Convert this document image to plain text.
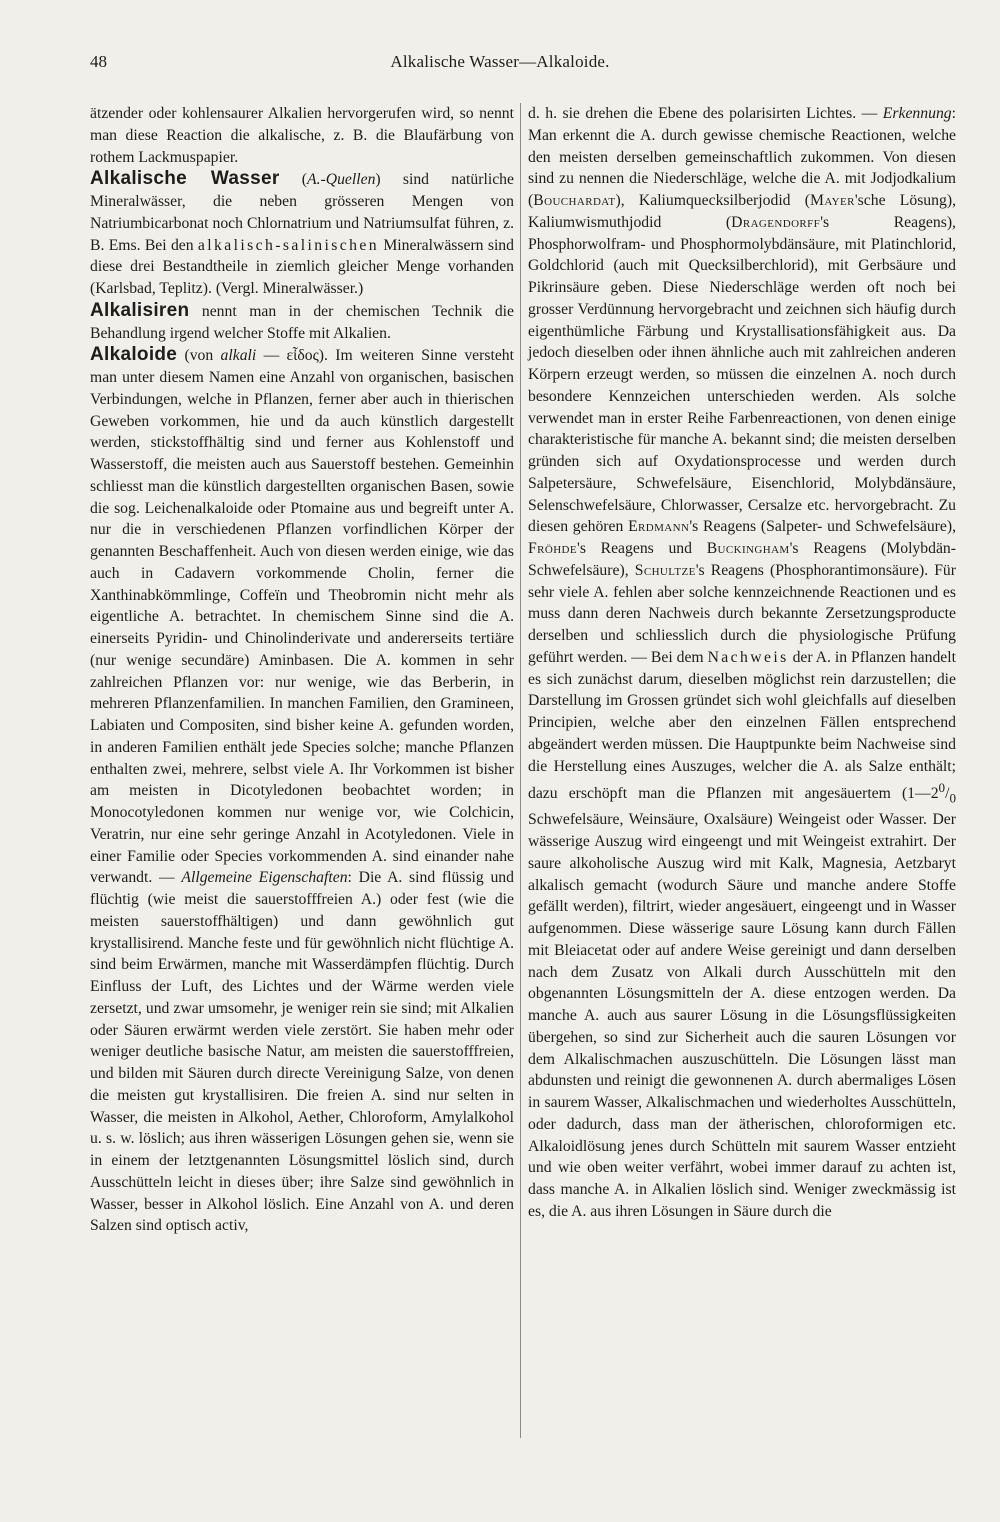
48	Alkalische Wasser—Alkaloide.

ätzender oder kohlensaurer Alkalien hervorgerufen wird, so nennt man diese Reaction die alkalische, z. B. die Blaufärbung von rothem Lackmuspapier.

Alkalische Wasser (A.-Quellen) sind natürliche Mineralwässer, die neben grösseren Mengen von Natriumbicarbonat noch Chlornatrium und Natriumsulfat führen, z. B. Ems. Bei den alkalisch-salinischen Mineralwässern sind diese drei Bestandtheile in ziemlich gleicher Menge vorhanden (Karlsbad, Teplitz). (Vergl. Mineralwässer.)

Alkalisiren nennt man in der chemischen Technik die Behandlung irgend welcher Stoffe mit Alkalien.

Alkaloide (von alkali — εἶδος). Im weiteren Sinne versteht man unter diesem Namen eine Anzahl von organischen, basischen Verbindungen, welche in Pflanzen, ferner aber auch in thierischen Geweben vorkommen, hie und da auch künstlich dargestellt werden, stickstoffhältig sind und ferner aus Kohlenstoff und Wasserstoff, die meisten auch aus Sauerstoff bestehen. Gemeinhin schliesst man die künstlich dargestellten organischen Basen, sowie die sog. Leichenalkaloide oder Ptomaine aus und begreift unter A. nur die in verschiedenen Pflanzen vorfindlichen Körper der genannten Beschaffenheit. Auch von diesen werden einige, wie das auch in Cadavern vorkommende Cholin, ferner die Xanthinabkömmlinge, Coffeïn und Theobromin nicht mehr als eigentliche A. betrachtet. In chemischem Sinne sind die A. einerseits Pyridin- und Chinolinderivate und andererseits tertiäre (nur wenige secundäre) Aminbasen. Die A. kommen in sehr zahlreichen Pflanzen vor: nur wenige, wie das Berberin, in mehreren Pflanzenfamilien. In manchen Familien, den Gramineen, Labiaten und Compositen, sind bisher keine A. gefunden worden, in anderen Familien enthält jede Species solche; manche Pflanzen enthalten zwei, mehrere, selbst viele A. Ihr Vorkommen ist bisher am meisten in Dicotyledonen beobachtet worden; in Monocotyledonen kommen nur wenige vor, wie Colchicin, Veratrin, nur eine sehr geringe Anzahl in Acotyledonen. Viele in einer Familie oder Species vorkommenden A. sind einander nahe verwandt. — Allgemeine Eigenschaften: Die A. sind flüssig und flüchtig (wie meist die sauerstofffreien A.) oder fest (wie die meisten sauerstoffhältigen) und dann gewöhnlich gut krystallisirend. Manche feste und für gewöhnlich nicht flüchtige A. sind beim Erwärmen, manche mit Wasserdämpfen flüchtig. Durch Einfluss der Luft, des Lichtes und der Wärme werden viele zersetzt, und zwar umsomehr, je weniger rein sie sind; mit Alkalien oder Säuren erwärmt werden viele zerstört. Sie haben mehr oder weniger deutliche basische Natur, am meisten die sauerstofffreien, und bilden mit Säuren durch directe Vereinigung Salze, von denen die meisten gut krystallisiren. Die freien A. sind nur selten in Wasser, die meisten in Alkohol, Aether, Chloroform, Amylalkohol u. s. w. löslich; aus ihren wässerigen Lösungen gehen sie, wenn sie in einem der letztgenannten Lösungsmittel löslich sind, durch Ausschütteln leicht in dieses über; ihre Salze sind gewöhnlich in Wasser, besser in Alkohol löslich. Eine Anzahl von A. und deren Salzen sind optisch activ,

d. h. sie drehen die Ebene des polarisirten Lichtes. — Erkennung: Man erkennt die A. durch gewisse chemische Reactionen, welche den meisten derselben gemeinschaftlich zukommen. Von diesen sind zu nennen die Niederschläge, welche die A. mit Jodjodkalium (Bouchardat), Kaliumquecksilberjodid (Mayer'sche Lösung), Kaliumwismuthjodid (Dragendorff's Reagens), Phosphorwolfram- und Phosphormolybdänsäure, mit Platinchlorid, Goldchlorid (auch mit Quecksilberchlorid), mit Gerbsäure und Pikrinsäure geben. Diese Niederschläge werden oft noch bei grosser Verdünnung hervorgebracht und zeichnen sich häufig durch eigenthümliche Färbung und Krystallisationsfähigkeit aus. Da jedoch dieselben oder ihnen ähnliche auch mit zahlreichen anderen Körpern erzeugt werden, so müssen die einzelnen A. noch durch besondere Kennzeichen unterschieden werden. Als solche verwendet man in erster Reihe Farbenreactionen, von denen einige charakteristische für manche A. bekannt sind; die meisten derselben gründen sich auf Oxydationsprocesse und werden durch Salpetersäure, Schwefelsäure, Eisenchlorid, Molybdänsäure, Selenschwefelsäure, Chlorwasser, Cersalze etc. hervorgebracht. Zu diesen gehören Erdmann's Reagens (Salpeter- und Schwefelsäure), Fröhde's Reagens und Buckingham's Reagens (Molybdän-Schwefelsäure), Schultze's Reagens (Phosphorantimonsäure). Für sehr viele A. fehlen aber solche kennzeichnende Reactionen und es muss dann deren Nachweis durch bekannte Zersetzungsproducte derselben und schliesslich durch die physiologische Prüfung geführt werden. — Bei dem Nachweis der A. in Pflanzen handelt es sich zunächst darum, dieselben möglichst rein darzustellen; die Darstellung im Grossen gründet sich wohl gleichfalls auf dieselben Principien, welche aber den einzelnen Fällen entsprechend abgeändert werden müssen. Die Hauptpunkte beim Nachweise sind die Herstellung eines Auszuges, welcher die A. als Salze enthält; dazu erschöpft man die Pflanzen mit angesäuertem ($1—2^0/_0$ Schwefelsäure, Weinsäure, Oxalsäure) Weingeist oder Wasser. Der wässerige Auszug wird eingeengt und mit Weingeist extrahirt. Der saure alkoholische Auszug wird mit Kalk, Magnesia, Aetzbaryt alkalisch gemacht (wodurch Säure und manche andere Stoffe gefällt werden), filtrirt, wieder angesäuert, eingeengt und in Wasser aufgenommen. Diese wässerige saure Lösung kann durch Fällen mit Bleiacetat oder auf andere Weise gereinigt und dann derselben nach dem Zusatz von Alkali durch Ausschütteln mit den obgenannten Lösungsmitteln der A. diese entzogen werden. Da manche A. auch aus saurer Lösung in die Lösungsflüssigkeiten übergehen, so sind zur Sicherheit auch die sauren Lösungen vor dem Alkalischmachen auszuschütteln. Die Lösungen lässt man abdunsten und reinigt die gewonnenen A. durch abermaliges Lösen in saurem Wasser, Alkalischmachen und wiederholtes Ausschütteln, oder dadurch, dass man der ätherischen, chloroformigen etc. Alkaloidlösung jenes durch Schütteln mit saurem Wasser entzieht und wie oben weiter verfährt, wobei immer darauf zu achten ist, dass manche A. in Alkalien löslich sind. Weniger zweckmässig ist es, die A. aus ihren Lösungen in Säure durch die
